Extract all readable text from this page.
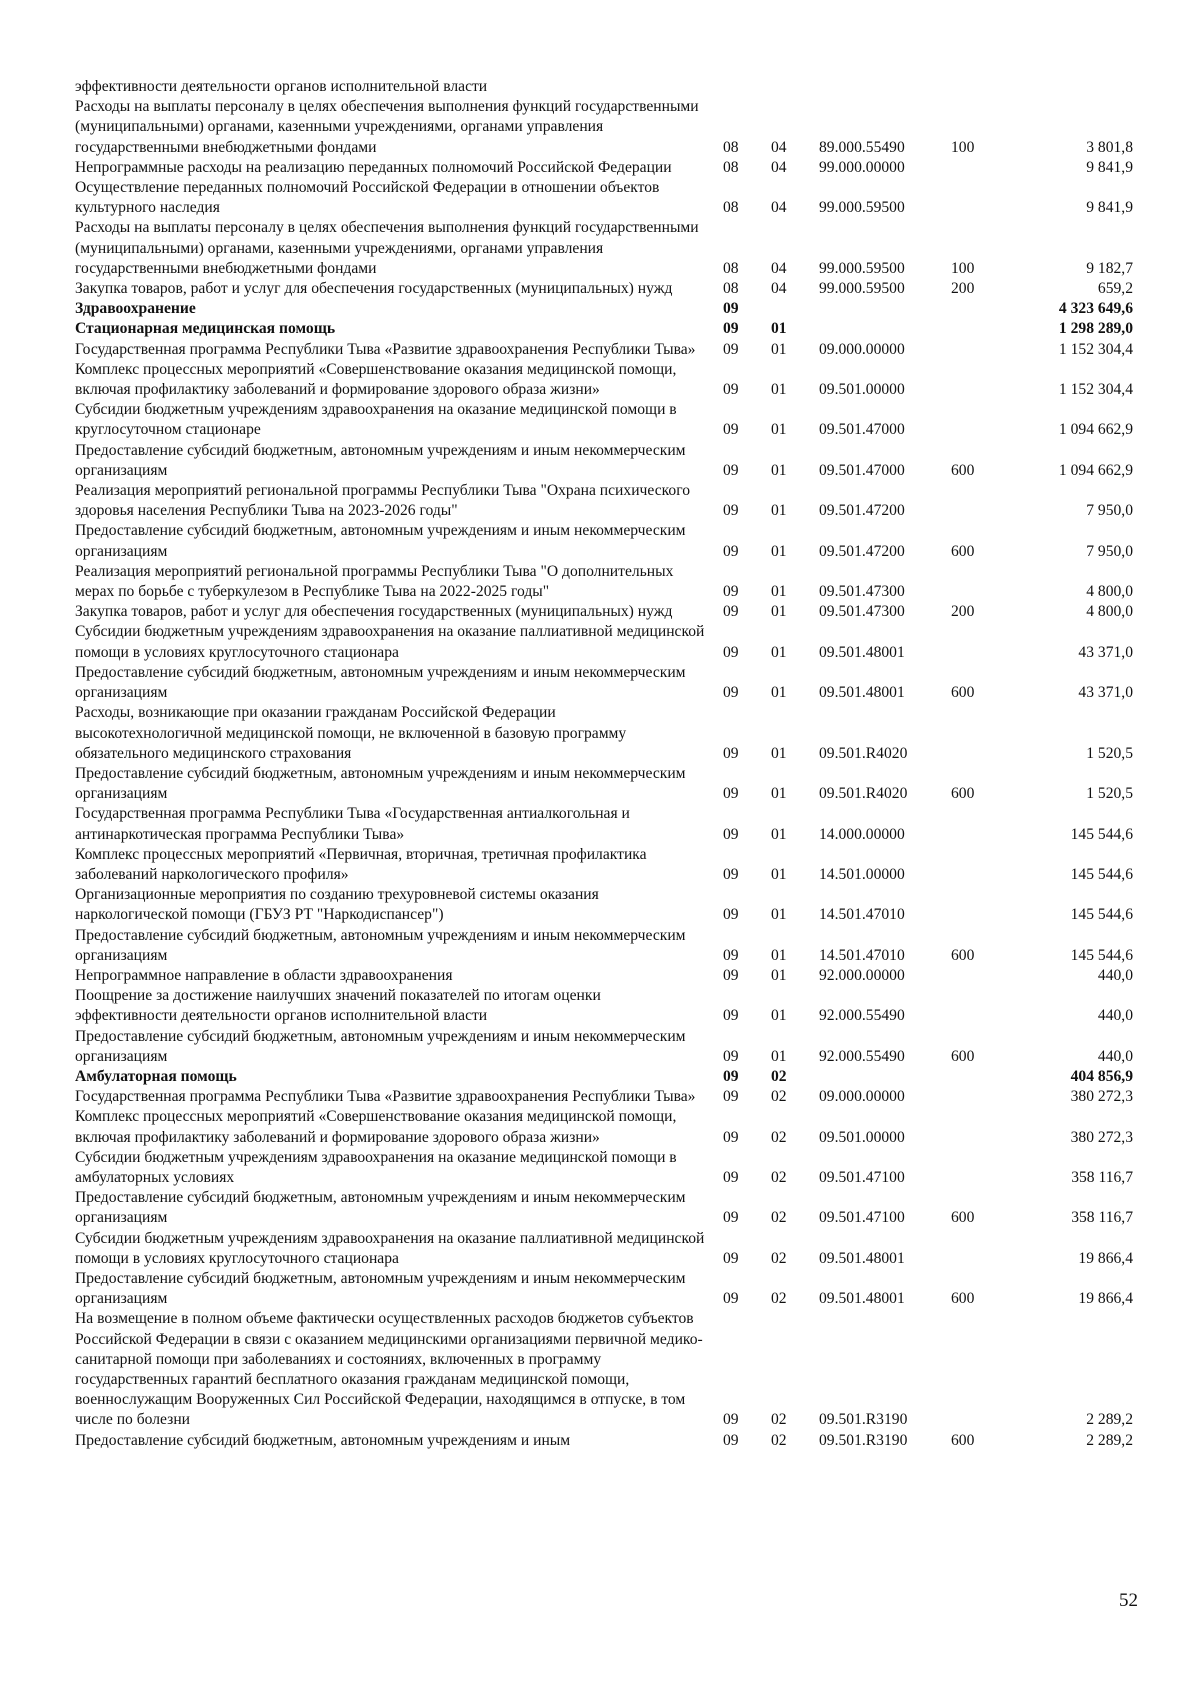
эффективности деятельности органов исполнительной власти					
Расходы на выплаты персоналу в целях обеспечения выполнения функций государственными (муниципальными) органами, казенными учреждениями, органами управления государственными внебюджетными фондами	08	04	89.000.55490	100	3 801,8
Непрограммные расходы на реализацию переданных полномочий Российской Федерации	08	04	99.000.00000		9 841,9
Осуществление переданных полномочий Российской Федерации в отношении объектов культурного наследия	08	04	99.000.59500		9 841,9
Расходы на выплаты персоналу в целях обеспечения выполнения функций государственными (муниципальными) органами, казенными учреждениями, органами управления государственными внебюджетными фондами	08	04	99.000.59500	100	9 182,7
Закупка товаров, работ и услуг для обеспечения государственных (муниципальных) нужд	08	04	99.000.59500	200	659,2
Здравоохранение	09				4 323 649,6
Стационарная медицинская помощь	09	01			1 298 289,0
Государственная программа Республики Тыва «Развитие здравоохранения Республики Тыва»	09	01	09.000.00000		1 152 304,4
Комплекс процессных мероприятий «Совершенствование оказания медицинской помощи, включая профилактику заболеваний и формирование здорового образа жизни»	09	01	09.501.00000		1 152 304,4
Субсидии бюджетным учреждениям здравоохранения на оказание медицинской помощи в круглосуточном стационаре	09	01	09.501.47000		1 094 662,9
Предоставление субсидий бюджетным, автономным учреждениям и иным некоммерческим организациям	09	01	09.501.47000	600	1 094 662,9
Реализация мероприятий региональной программы Республики Тыва "Охрана психического здоровья населения Республики Тыва на 2023-2026 годы"	09	01	09.501.47200		7 950,0
Предоставление субсидий бюджетным, автономным учреждениям и иным некоммерческим организациям	09	01	09.501.47200	600	7 950,0
Реализация мероприятий региональной программы Республики Тыва "О дополнительных мерах по борьбе с туберкулезом в Республике Тыва на 2022-2025 годы"	09	01	09.501.47300		4 800,0
Закупка товаров, работ и услуг для обеспечения государственных (муниципальных) нужд	09	01	09.501.47300	200	4 800,0
Субсидии бюджетным учреждениям здравоохранения на оказание паллиативной медицинской помощи в условиях круглосуточного стационара	09	01	09.501.48001		43 371,0
Предоставление субсидий бюджетным, автономным учреждениям и иным некоммерческим организациям	09	01	09.501.48001	600	43 371,0
Расходы, возникающие при оказании гражданам Российской Федерации высокотехнологичной медицинской помощи, не включенной в базовую программу обязательного медицинского страхования	09	01	09.501.R4020		1 520,5
Предоставление субсидий бюджетным, автономным учреждениям и иным некоммерческим организациям	09	01	09.501.R4020	600	1 520,5
Государственная программа Республики Тыва «Государственная антиалкогольная и антинаркотическая программа Республики Тыва»	09	01	14.000.00000		145 544,6
Комплекс процессных мероприятий «Первичная, вторичная, третичная профилактика заболеваний наркологического профиля»	09	01	14.501.00000		145 544,6
Организационные мероприятия по созданию трехуровневой системы оказания наркологической помощи (ГБУЗ РТ "Наркодиспансер")	09	01	14.501.47010		145 544,6
Предоставление субсидий бюджетным, автономным учреждениям и иным некоммерческим организациям	09	01	14.501.47010	600	145 544,6
Непрограммное направление в области здравоохранения	09	01	92.000.00000		440,0
Поощрение за достижение наилучших значений показателей по итогам оценки эффективности деятельности органов исполнительной власти	09	01	92.000.55490		440,0
Предоставление субсидий бюджетным, автономным учреждениям и иным некоммерческим организациям	09	01	92.000.55490	600	440,0
Амбулаторная помощь	09	02			404 856,9
Государственная программа Республики Тыва «Развитие здравоохранения Республики Тыва»	09	02	09.000.00000		380 272,3
Комплекс процессных мероприятий «Совершенствование оказания медицинской помощи, включая профилактику заболеваний и формирование здорового образа жизни»	09	02	09.501.00000		380 272,3
Субсидии бюджетным учреждениям здравоохранения на оказание медицинской помощи в амбулаторных условиях	09	02	09.501.47100		358 116,7
Предоставление субсидий бюджетным, автономным учреждениям и иным некоммерческим организациям	09	02	09.501.47100	600	358 116,7
Субсидии бюджетным учреждениям здравоохранения на оказание паллиативной медицинской помощи в условиях круглосуточного стационара	09	02	09.501.48001		19 866,4
Предоставление субсидий бюджетным, автономным учреждениям и иным некоммерческим организациям	09	02	09.501.48001	600	19 866,4
На возмещение в полном объеме фактически осуществленных расходов бюджетов субъектов Российской Федерации в связи с оказанием медицинскими организациями первичной медико-санитарной помощи при заболеваниях и состояниях, включенных в программу государственных гарантий бесплатного оказания гражданам медицинской помощи, военнослужащим Вооруженных Сил Российской Федерации, находящимся в отпуске, в том числе по болезни	09	02	09.501.R3190		2 289,2
Предоставление субсидий бюджетным, автономным учреждениям и иным	09	02	09.501.R3190	600	2 289,2
52
